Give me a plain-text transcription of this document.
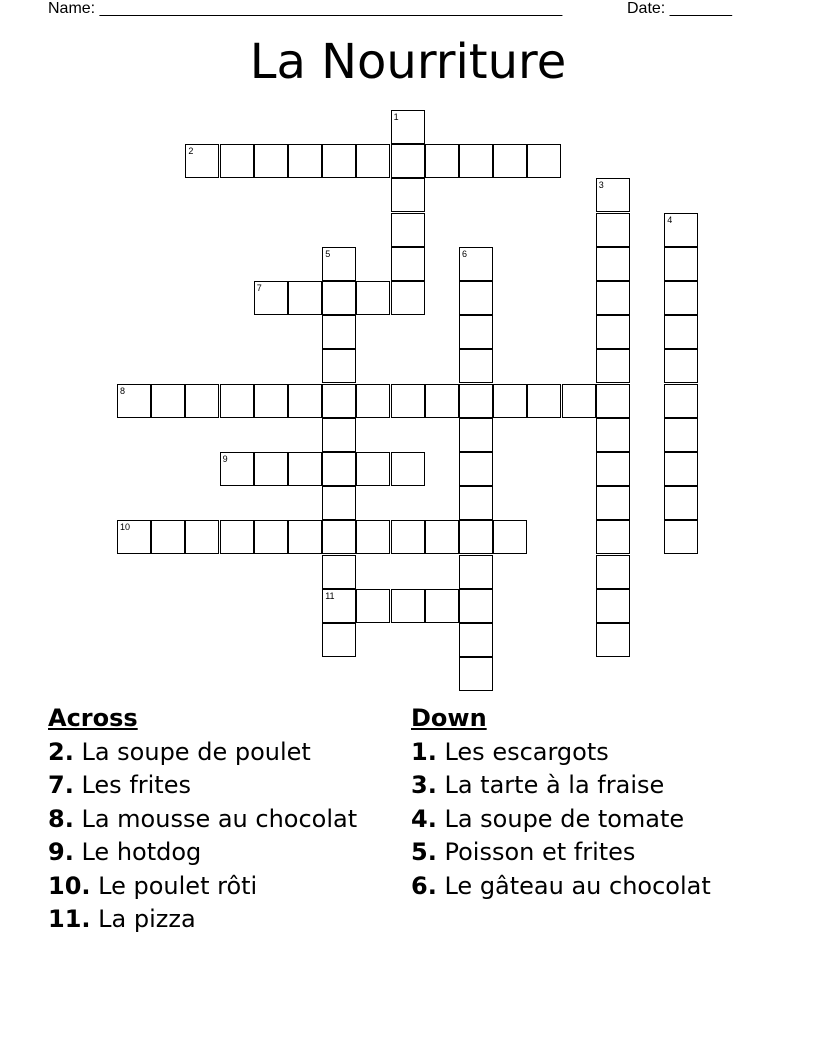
Name: ____________________________________________________	Date: _______
La Nourriture
1
2
3
4
5
11
6
7
8
9
10
Across
2. La soupe de poulet
7. Les frites
8. La mousse au chocolat
9. Le hotdog
10. Le poulet rôti
11. La pizza
Down
1. Les escargots
3. La tarte à la fraise
4. La soupe de tomate
5. Poisson et frites
6. Le gâteau au chocolat
